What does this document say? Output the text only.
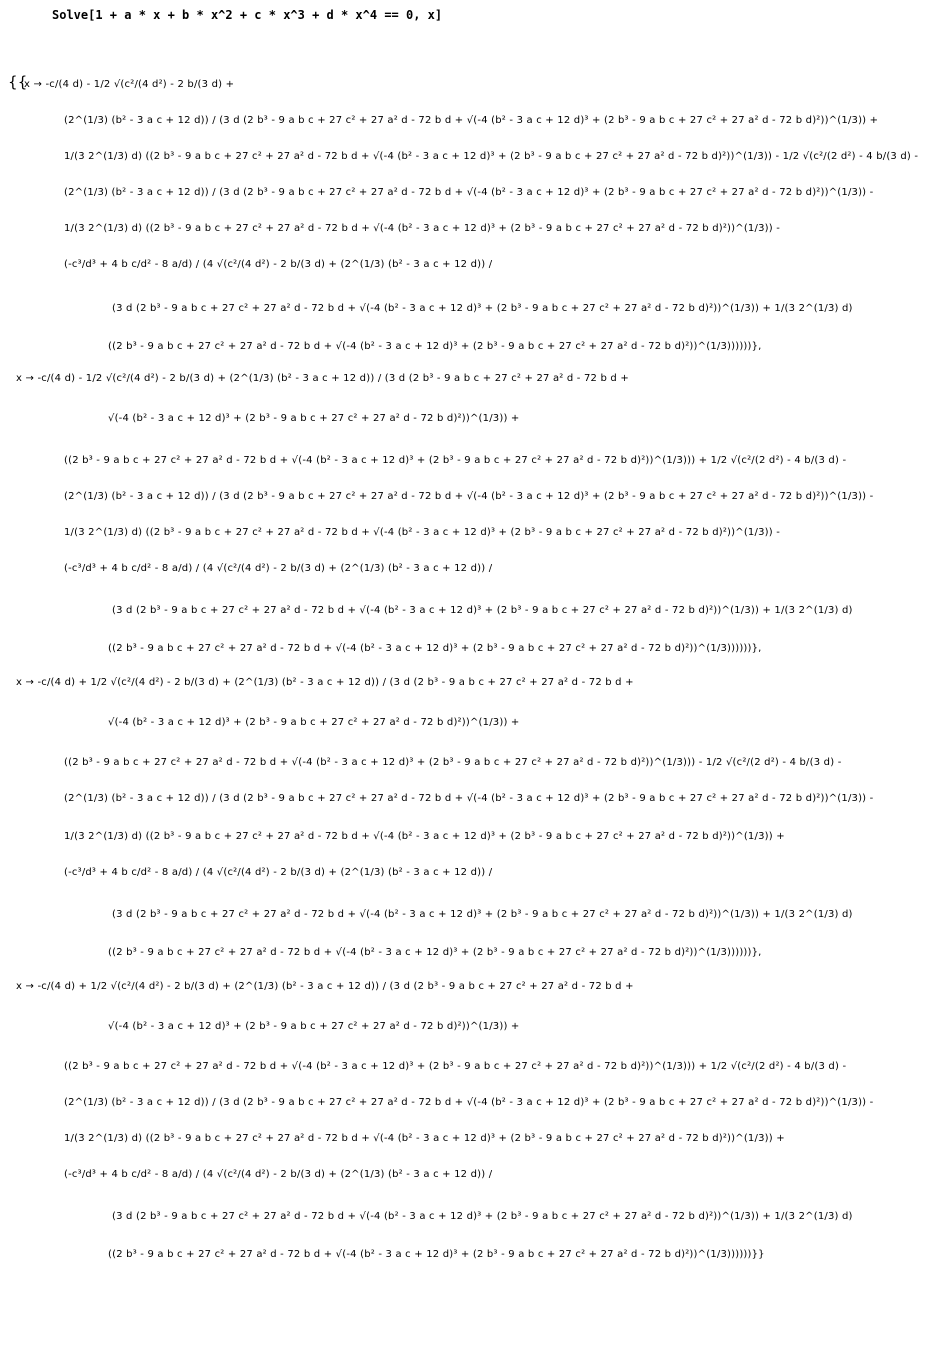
Solve[1 + a * x + b * x^2 + c * x^3 + d * x^4 == 0, x]
{{
x → -c/(4 d) - 1/2 √(c²/(4 d²) - 2 b/(3 d) +
(2^(1/3) (b² - 3 a c + 12 d)) / (3 d (2 b³ - 9 a b c + 27 c² + 27 a² d - 72 b d + √(-4 (b² - 3 a c + 12 d)³ + (2 b³ - 9 a b c + 27 c² + 27 a² d - 72 b d)²))^(1/3)) +
1/(3 2^(1/3) d) ((2 b³ - 9 a b c + 27 c² + 27 a² d - 72 b d + √(-4 (b² - 3 a c + 12 d)³ + (2 b³ - 9 a b c + 27 c² + 27 a² d - 72 b d)²))^(1/3)) - 1/2 √(c²/(2 d²) - 4 b/(3 d) -
(2^(1/3) (b² - 3 a c + 12 d)) / (3 d (2 b³ - 9 a b c + 27 c² + 27 a² d - 72 b d + √(-4 (b² - 3 a c + 12 d)³ + (2 b³ - 9 a b c + 27 c² + 27 a² d - 72 b d)²))^(1/3)) -
1/(3 2^(1/3) d) ((2 b³ - 9 a b c + 27 c² + 27 a² d - 72 b d + √(-4 (b² - 3 a c + 12 d)³ + (2 b³ - 9 a b c + 27 c² + 27 a² d - 72 b d)²))^(1/3)) -
(-c³/d³ + 4 b c/d² - 8 a/d) / (4 √(c²/(4 d²) - 2 b/(3 d) + (2^(1/3) (b² - 3 a c + 12 d)) /
(3 d (2 b³ - 9 a b c + 27 c² + 27 a² d - 72 b d + √(-4 (b² - 3 a c + 12 d)³ + (2 b³ - 9 a b c + 27 c² + 27 a² d - 72 b d)²))^(1/3)) + 1/(3 2^(1/3) d)
((2 b³ - 9 a b c + 27 c² + 27 a² d - 72 b d + √(-4 (b² - 3 a c + 12 d)³ + (2 b³ - 9 a b c + 27 c² + 27 a² d - 72 b d)²))^(1/3))))))},
x → -c/(4 d) - 1/2 √(c²/(4 d²) - 2 b/(3 d) + (2^(1/3) (b² - 3 a c + 12 d)) / (3 d (2 b³ - 9 a b c + 27 c² + 27 a² d - 72 b d +
√(-4 (b² - 3 a c + 12 d)³ + (2 b³ - 9 a b c + 27 c² + 27 a² d - 72 b d)²))^(1/3)) +
((2 b³ - 9 a b c + 27 c² + 27 a² d - 72 b d + √(-4 (b² - 3 a c + 12 d)³ + (2 b³ - 9 a b c + 27 c² + 27 a² d - 72 b d)²))^(1/3))) + 1/2 √(c²/(2 d²) - 4 b/(3 d) -
(2^(1/3) (b² - 3 a c + 12 d)) / (3 d (2 b³ - 9 a b c + 27 c² + 27 a² d - 72 b d + √(-4 (b² - 3 a c + 12 d)³ + (2 b³ - 9 a b c + 27 c² + 27 a² d - 72 b d)²))^(1/3)) -
1/(3 2^(1/3) d) ((2 b³ - 9 a b c + 27 c² + 27 a² d - 72 b d + √(-4 (b² - 3 a c + 12 d)³ + (2 b³ - 9 a b c + 27 c² + 27 a² d - 72 b d)²))^(1/3)) -
(-c³/d³ + 4 b c/d² - 8 a/d) / (4 √(c²/(4 d²) - 2 b/(3 d) + (2^(1/3) (b² - 3 a c + 12 d)) /
(3 d (2 b³ - 9 a b c + 27 c² + 27 a² d - 72 b d + √(-4 (b² - 3 a c + 12 d)³ + (2 b³ - 9 a b c + 27 c² + 27 a² d - 72 b d)²))^(1/3)) + 1/(3 2^(1/3) d)
((2 b³ - 9 a b c + 27 c² + 27 a² d - 72 b d + √(-4 (b² - 3 a c + 12 d)³ + (2 b³ - 9 a b c + 27 c² + 27 a² d - 72 b d)²))^(1/3))))))},
x → -c/(4 d) + 1/2 √(c²/(4 d²) - 2 b/(3 d) + (2^(1/3) (b² - 3 a c + 12 d)) / (3 d (2 b³ - 9 a b c + 27 c² + 27 a² d - 72 b d +
√(-4 (b² - 3 a c + 12 d)³ + (2 b³ - 9 a b c + 27 c² + 27 a² d - 72 b d)²))^(1/3)) +
((2 b³ - 9 a b c + 27 c² + 27 a² d - 72 b d + √(-4 (b² - 3 a c + 12 d)³ + (2 b³ - 9 a b c + 27 c² + 27 a² d - 72 b d)²))^(1/3))) - 1/2 √(c²/(2 d²) - 4 b/(3 d) -
(2^(1/3) (b² - 3 a c + 12 d)) / (3 d (2 b³ - 9 a b c + 27 c² + 27 a² d - 72 b d + √(-4 (b² - 3 a c + 12 d)³ + (2 b³ - 9 a b c + 27 c² + 27 a² d - 72 b d)²))^(1/3)) -
1/(3 2^(1/3) d) ((2 b³ - 9 a b c + 27 c² + 27 a² d - 72 b d + √(-4 (b² - 3 a c + 12 d)³ + (2 b³ - 9 a b c + 27 c² + 27 a² d - 72 b d)²))^(1/3)) +
(-c³/d³ + 4 b c/d² - 8 a/d) / (4 √(c²/(4 d²) - 2 b/(3 d) + (2^(1/3) (b² - 3 a c + 12 d)) /
(3 d (2 b³ - 9 a b c + 27 c² + 27 a² d - 72 b d + √(-4 (b² - 3 a c + 12 d)³ + (2 b³ - 9 a b c + 27 c² + 27 a² d - 72 b d)²))^(1/3)) + 1/(3 2^(1/3) d)
((2 b³ - 9 a b c + 27 c² + 27 a² d - 72 b d + √(-4 (b² - 3 a c + 12 d)³ + (2 b³ - 9 a b c + 27 c² + 27 a² d - 72 b d)²))^(1/3))))))},
x → -c/(4 d) + 1/2 √(c²/(4 d²) - 2 b/(3 d) + (2^(1/3) (b² - 3 a c + 12 d)) / (3 d (2 b³ - 9 a b c + 27 c² + 27 a² d - 72 b d +
√(-4 (b² - 3 a c + 12 d)³ + (2 b³ - 9 a b c + 27 c² + 27 a² d - 72 b d)²))^(1/3)) +
((2 b³ - 9 a b c + 27 c² + 27 a² d - 72 b d + √(-4 (b² - 3 a c + 12 d)³ + (2 b³ - 9 a b c + 27 c² + 27 a² d - 72 b d)²))^(1/3))) + 1/2 √(c²/(2 d²) - 4 b/(3 d) -
(2^(1/3) (b² - 3 a c + 12 d)) / (3 d (2 b³ - 9 a b c + 27 c² + 27 a² d - 72 b d + √(-4 (b² - 3 a c + 12 d)³ + (2 b³ - 9 a b c + 27 c² + 27 a² d - 72 b d)²))^(1/3)) -
1/(3 2^(1/3) d) ((2 b³ - 9 a b c + 27 c² + 27 a² d - 72 b d + √(-4 (b² - 3 a c + 12 d)³ + (2 b³ - 9 a b c + 27 c² + 27 a² d - 72 b d)²))^(1/3)) +
(-c³/d³ + 4 b c/d² - 8 a/d) / (4 √(c²/(4 d²) - 2 b/(3 d) + (2^(1/3) (b² - 3 a c + 12 d)) /
(3 d (2 b³ - 9 a b c + 27 c² + 27 a² d - 72 b d + √(-4 (b² - 3 a c + 12 d)³ + (2 b³ - 9 a b c + 27 c² + 27 a² d - 72 b d)²))^(1/3)) + 1/(3 2^(1/3) d)
((2 b³ - 9 a b c + 27 c² + 27 a² d - 72 b d + √(-4 (b² - 3 a c + 12 d)³ + (2 b³ - 9 a b c + 27 c² + 27 a² d - 72 b d)²))^(1/3))))))}}
